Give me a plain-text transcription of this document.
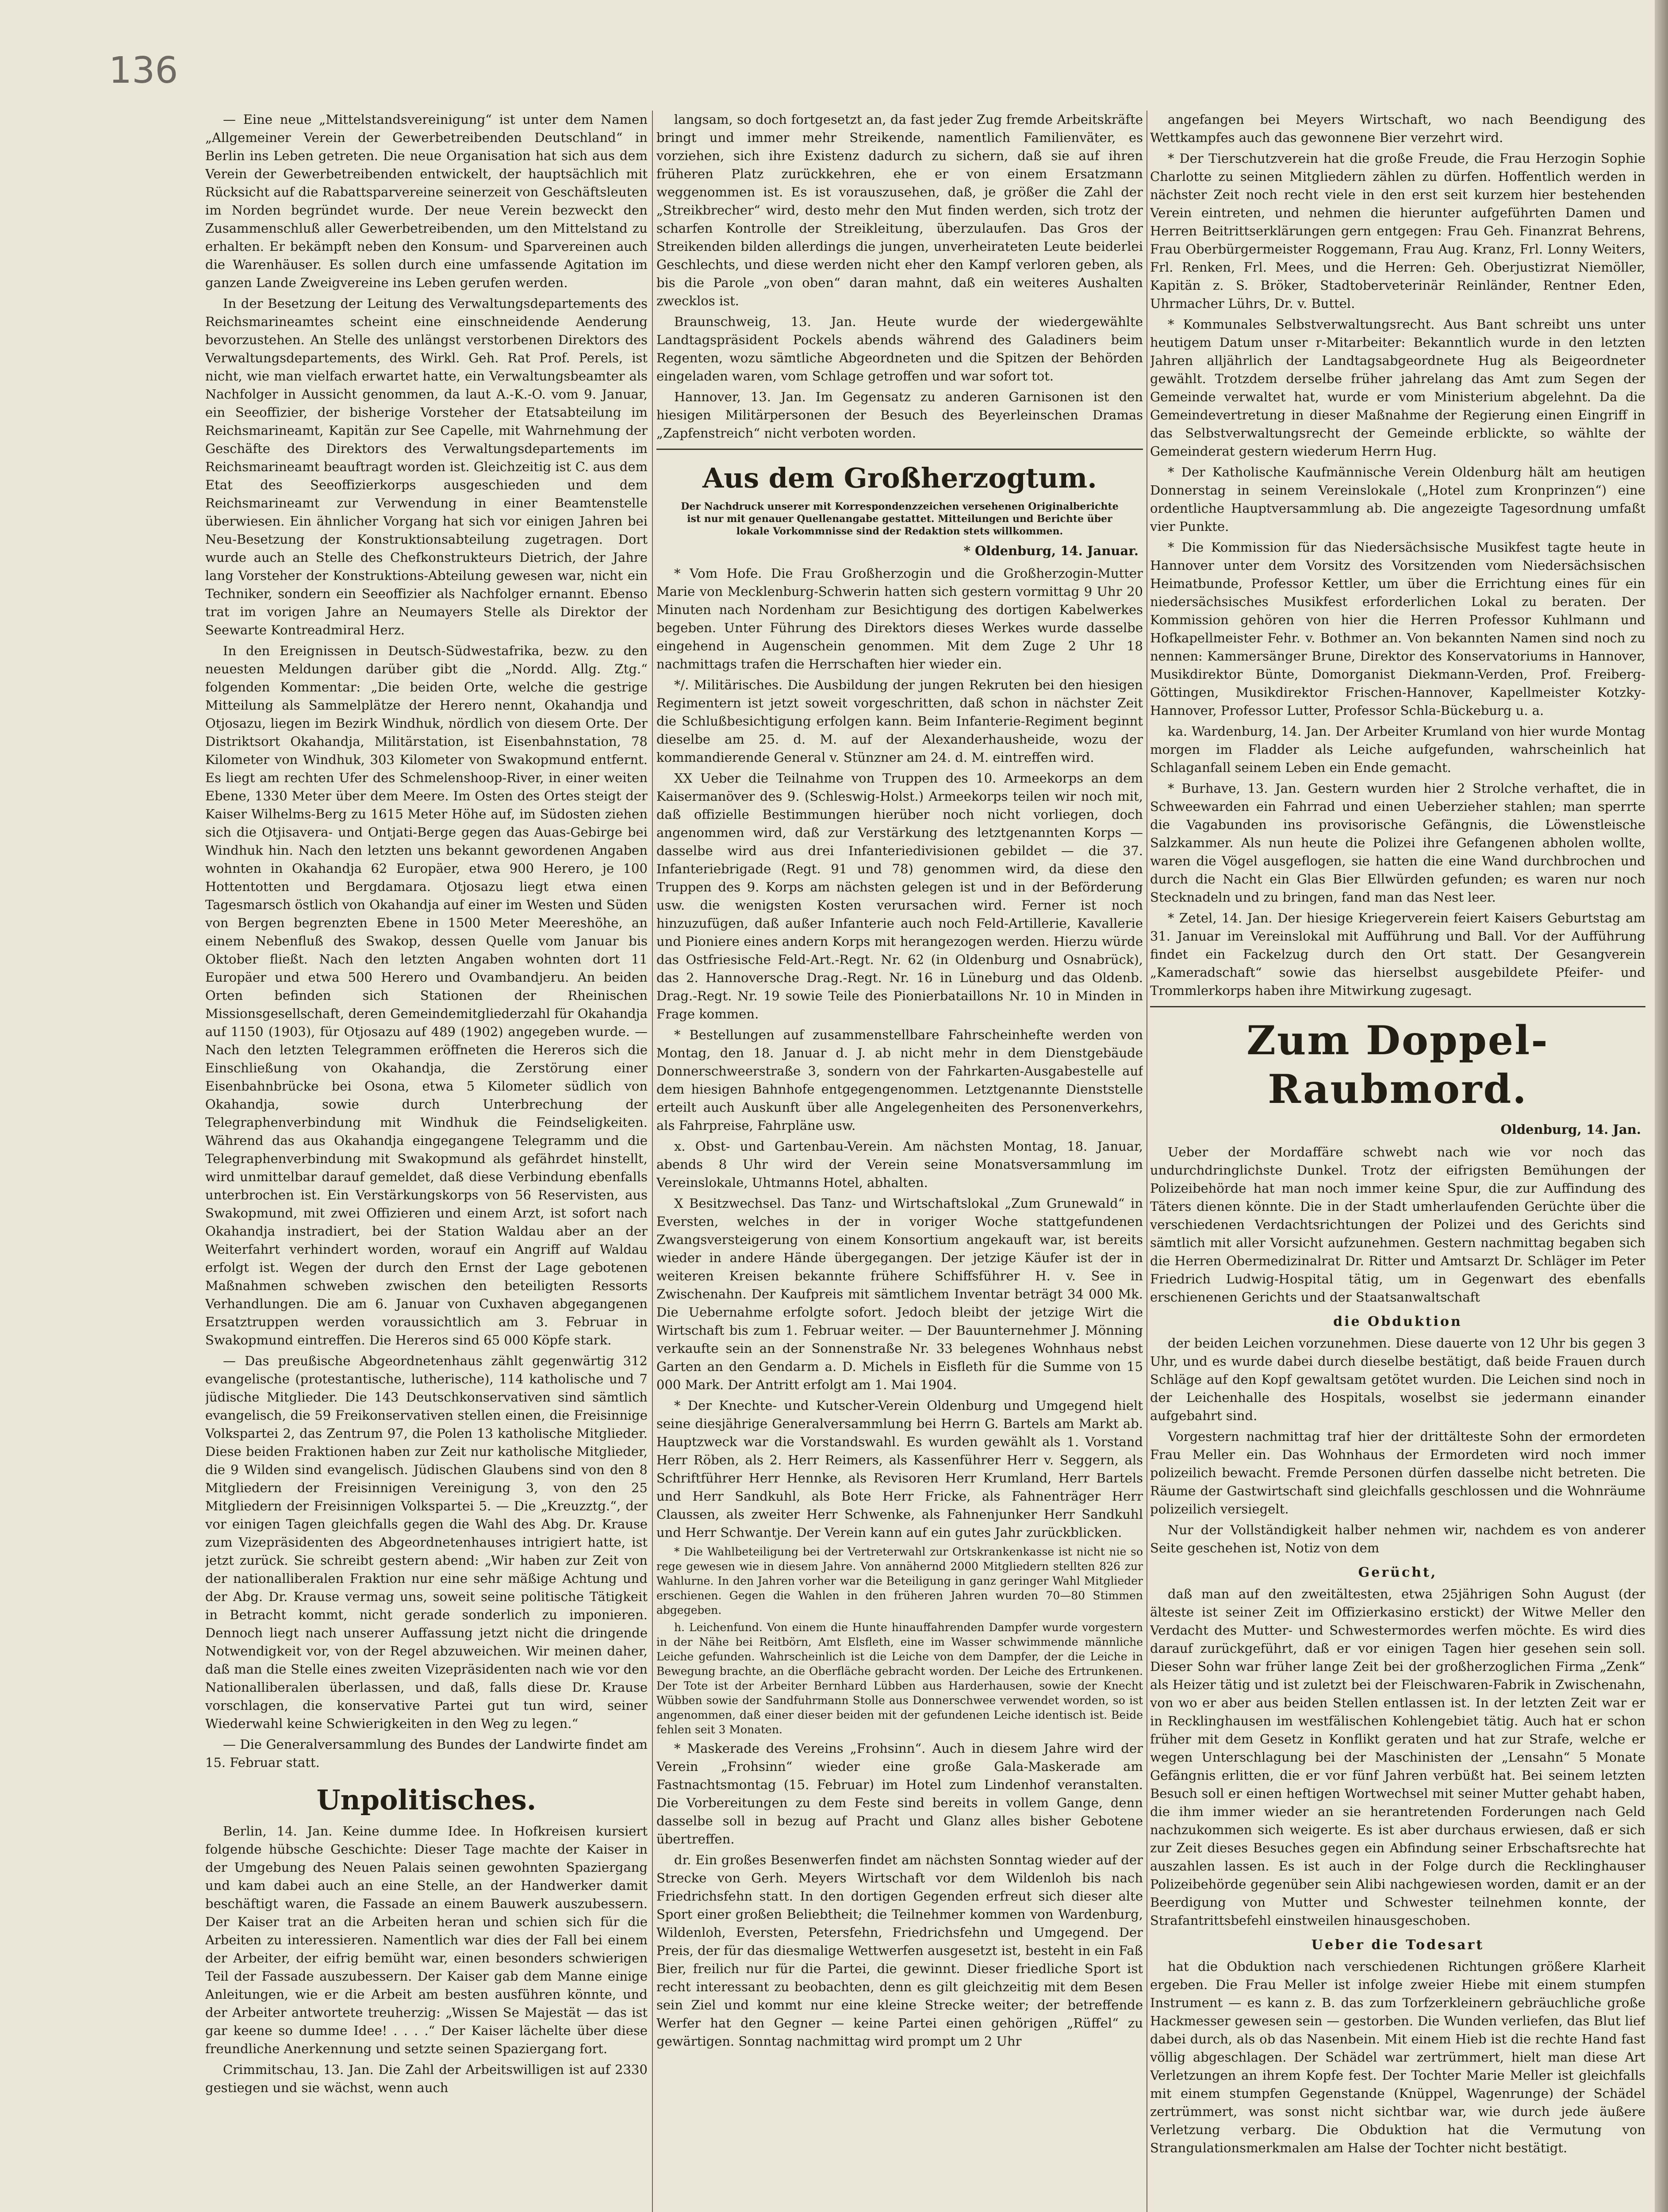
136

— Eine neue „Mittelstandsvereinigung“ ist unter dem Namen „Allgemeiner Verein der Gewerbetreibenden Deutschland“ in Berlin ins Leben getreten. Die neue Organisation hat sich aus dem Verein der Gewerbetreibenden entwickelt, der hauptsächlich mit Rücksicht auf die Rabattsparvereine seinerzeit von Geschäftsleuten im Norden begründet wurde. Der neue Verein bezweckt den Zusammenschluß aller Gewerbetreibenden, um den Mittelstand zu erhalten. Er bekämpft neben den Konsum- und Sparvereinen auch die Warenhäuser. Es sollen durch eine umfassende Agitation im ganzen Lande Zweigvereine ins Leben gerufen werden.

In der Besetzung der Leitung des Verwaltungsdepartements des Reichsmarineamtes scheint eine einschneidende Aenderung bevorzustehen. An Stelle des unlängst verstorbenen Direktors des Verwaltungsdepartements, des Wirkl. Geh. Rat Prof. Perels, ist nicht, wie man vielfach erwartet hatte, ein Verwaltungsbeamter als Nachfolger in Aussicht genommen, da laut A.-K.-O. vom 9. Januar, ein Seeoffizier, der bisherige Vorsteher der Etatsabteilung im Reichsmarineamt, Kapitän zur See Capelle, mit Wahrnehmung der Geschäfte des Direktors des Verwaltungsdepartements im Reichsmarineamt beauftragt worden ist. Gleichzeitig ist C. aus dem Etat des Seeoffizierkorps ausgeschieden und dem Reichsmarineamt zur Verwendung in einer Beamtenstelle überwiesen. Ein ähnlicher Vorgang hat sich vor einigen Jahren bei Neu-Besetzung der Konstruktionsabteilung zugetragen. Dort wurde auch an Stelle des Chefkonstrukteurs Dietrich, der Jahre lang Vorsteher der Konstruktions-Abteilung gewesen war, nicht ein Techniker, sondern ein Seeoffizier als Nachfolger ernannt. Ebenso trat im vorigen Jahre an Neumayers Stelle als Direktor der Seewarte Kontreadmiral Herz.

In den Ereignissen in Deutsch-Südwestafrika, bezw. zu den neuesten Meldungen darüber gibt die „Nordd. Allg. Ztg.“ folgenden Kommentar: „Die beiden Orte, welche die gestrige Mitteilung als Sammelplätze der Herero nennt, Okahandja und Otjosazu, liegen im Bezirk Windhuk, nördlich von diesem Orte. Der Distriktsort Okahandja, Militärstation, ist Eisenbahnstation, 78 Kilometer von Windhuk, 303 Kilometer von Swakopmund entfernt. Es liegt am rechten Ufer des Schmelenshoop-River, in einer weiten Ebene, 1330 Meter über dem Meere. Im Osten des Ortes steigt der Kaiser Wilhelms-Berg zu 1615 Meter Höhe auf, im Südosten ziehen sich die Otjisavera- und Ontjati-Berge gegen das Auas-Gebirge bei Windhuk hin. Nach den letzten uns bekannt gewordenen Angaben wohnten in Okahandja 62 Europäer, etwa 900 Herero, je 100 Hottentotten und Bergdamara. Otjosazu liegt etwa einen Tagesmarsch östlich von Okahandja auf einer im Westen und Süden von Bergen begrenzten Ebene in 1500 Meter Meereshöhe, an einem Nebenfluß des Swakop, dessen Quelle vom Januar bis Oktober fließt. Nach den letzten Angaben wohnten dort 11 Europäer und etwa 500 Herero und Ovambandjeru. An beiden Orten befinden sich Stationen der Rheinischen Missionsgesellschaft, deren Gemeindemitgliederzahl für Okahandja auf 1150 (1903), für Otjosazu auf 489 (1902) angegeben wurde. — Nach den letzten Telegrammen eröffneten die Hereros sich die Einschließung von Okahandja, die Zerstörung einer Eisenbahnbrücke bei Osona, etwa 5 Kilometer südlich von Okahandja, sowie durch Unterbrechung der Telegraphenverbindung mit Windhuk die Feindseligkeiten. Während das aus Okahandja eingegangene Telegramm und die Telegraphenverbindung mit Swakopmund als gefährdet hinstellt, wird unmittelbar darauf gemeldet, daß diese Verbindung ebenfalls unterbrochen ist. Ein Verstärkungskorps von 56 Reservisten, aus Swakopmund, mit zwei Offizieren und einem Arzt, ist sofort nach Okahandja instradiert, bei der Station Waldau aber an der Weiterfahrt verhindert worden, worauf ein Angriff auf Waldau erfolgt ist. Wegen der durch den Ernst der Lage gebotenen Maßnahmen schweben zwischen den beteiligten Ressorts Verhandlungen. Die am 6. Januar von Cuxhaven abgegangenen Ersatztruppen werden voraussichtlich am 3. Februar in Swakopmund eintreffen. Die Hereros sind 65 000 Köpfe stark.

— Das preußische Abgeordnetenhaus zählt gegenwärtig 312 evangelische (protestantische, lutherische), 114 katholische und 7 jüdische Mitglieder. Die 143 Deutschkonservativen sind sämtlich evangelisch, die 59 Freikonservativen stellen einen, die Freisinnige Volkspartei 2, das Zentrum 97, die Polen 13 katholische Mitglieder. Diese beiden Fraktionen haben zur Zeit nur katholische Mitglieder, die 9 Wilden sind evangelisch. Jüdischen Glaubens sind von den 8 Mitgliedern der Freisinnigen Vereinigung 3, von den 25 Mitgliedern der Freisinnigen Volkspartei 5. — Die „Kreuzztg.“, der vor einigen Tagen gleichfalls gegen die Wahl des Abg. Dr. Krause zum Vizepräsidenten des Abgeordnetenhauses intrigiert hatte, ist jetzt zurück. Sie schreibt gestern abend: „Wir haben zur Zeit von der nationalliberalen Fraktion nur eine sehr mäßige Achtung und der Abg. Dr. Krause vermag uns, soweit seine politische Tätigkeit in Betracht kommt, nicht gerade sonderlich zu imponieren. Dennoch liegt nach unserer Auffassung jetzt nicht die dringende Notwendigkeit vor, von der Regel abzuweichen. Wir meinen daher, daß man die Stelle eines zweiten Vizepräsidenten nach wie vor den Nationalliberalen überlassen, und daß, falls diese Dr. Krause vorschlagen, die konservative Partei gut tun wird, seiner Wiederwahl keine Schwierigkeiten in den Weg zu legen.“

— Die Generalversammlung des Bundes der Landwirte findet am 15. Februar statt.

Unpolitisches.

Berlin, 14. Jan. Keine dumme Idee. In Hofkreisen kursiert folgende hübsche Geschichte: Dieser Tage machte der Kaiser in der Umgebung des Neuen Palais seinen gewohnten Spaziergang und kam dabei auch an eine Stelle, an der Handwerker damit beschäftigt waren, die Fassade an einem Bauwerk auszubessern. Der Kaiser trat an die Arbeiten heran und schien sich für die Arbeiten zu interessieren. Namentlich war dies der Fall bei einem der Arbeiter, der eifrig bemüht war, einen besonders schwierigen Teil der Fassade auszubessern. Der Kaiser gab dem Manne einige Anleitungen, wie er die Arbeit am besten ausführen könnte, und der Arbeiter antwortete treuherzig: „Wissen Se Majestät — das ist gar keene so dumme Idee! . . . .“ Der Kaiser lächelte über diese freundliche Anerkennung und setzte seinen Spaziergang fort.

Crimmitschau, 13. Jan. Die Zahl der Arbeitswilligen ist auf 2330 gestiegen und sie wächst, wenn auch

langsam, so doch fortgesetzt an, da fast jeder Zug fremde Arbeitskräfte bringt und immer mehr Streikende, namentlich Familienväter, es vorziehen, sich ihre Existenz dadurch zu sichern, daß sie auf ihren früheren Platz zurückkehren, ehe er von einem Ersatzmann weggenommen ist. Es ist vorauszusehen, daß, je größer die Zahl der „Streikbrecher“ wird, desto mehr den Mut finden werden, sich trotz der scharfen Kontrolle der Streikleitung, überzulaufen. Das Gros der Streikenden bilden allerdings die jungen, unverheirateten Leute beiderlei Geschlechts, und diese werden nicht eher den Kampf verloren geben, als bis die Parole „von oben“ daran mahnt, daß ein weiteres Aushalten zwecklos ist.

Braunschweig, 13. Jan. Heute wurde der wiedergewählte Landtagspräsident Pockels abends während des Galadiners beim Regenten, wozu sämtliche Abgeordneten und die Spitzen der Behörden eingeladen waren, vom Schlage getroffen und war sofort tot.

Hannover, 13. Jan. Im Gegensatz zu anderen Garnisonen ist den hiesigen Militärpersonen der Besuch des Beyerleinschen Dramas „Zapfenstreich“ nicht verboten worden.

Aus dem Großherzogtum.
Der Nachdruck unserer mit Korrespondenzzeichen versehenen Originalberichte ist nur mit genauer Quellenangabe gestattet. Mitteilungen und Berichte über lokale Vorkommnisse sind der Redaktion stets willkommen.
* Oldenburg, 14. Januar.

* Vom Hofe. Die Frau Großherzogin und die Großherzogin-Mutter Marie von Mecklenburg-Schwerin hatten sich gestern vormittag 9 Uhr 20 Minuten nach Nordenham zur Besichtigung des dortigen Kabelwerkes begeben. Unter Führung des Direktors dieses Werkes wurde dasselbe eingehend in Augenschein genommen. Mit dem Zuge 2 Uhr 18 nachmittags trafen die Herrschaften hier wieder ein.

*/. Militärisches. Die Ausbildung der jungen Rekruten bei den hiesigen Regimentern ist jetzt soweit vorgeschritten, daß schon in nächster Zeit die Schlußbesichtigung erfolgen kann. Beim Infanterie-Regiment beginnt dieselbe am 25. d. M. auf der Alexanderhausheide, wozu der kommandierende General v. Stünzner am 24. d. M. eintreffen wird.

XX Ueber die Teilnahme von Truppen des 10. Armeekorps an dem Kaisermanöver des 9. (Schleswig-Holst.) Armeekorps teilen wir noch mit, daß offizielle Bestimmungen hierüber noch nicht vorliegen, doch angenommen wird, daß zur Verstärkung des letztgenannten Korps — dasselbe wird aus drei Infanteriedivisionen gebildet — die 37. Infanteriebrigade (Regt. 91 und 78) genommen wird, da diese den Truppen des 9. Korps am nächsten gelegen ist und in der Beförderung usw. die wenigsten Kosten verursachen wird. Ferner ist noch hinzuzufügen, daß außer Infanterie auch noch Feld-Artillerie, Kavallerie und Pioniere eines andern Korps mit herangezogen werden. Hierzu würde das Ostfriesische Feld-Art.-Regt. Nr. 62 (in Oldenburg und Osnabrück), das 2. Hannoversche Drag.-Regt. Nr. 16 in Lüneburg und das Oldenb. Drag.-Regt. Nr. 19 sowie Teile des Pionierbataillons Nr. 10 in Minden in Frage kommen.

* Bestellungen auf zusammenstellbare Fahrscheinhefte werden von Montag, den 18. Januar d. J. ab nicht mehr in dem Dienstgebäude Donnerschweerstraße 3, sondern von der Fahrkarten-Ausgabestelle auf dem hiesigen Bahnhofe entgegengenommen. Letztgenannte Dienststelle erteilt auch Auskunft über alle Angelegenheiten des Personenverkehrs, als Fahrpreise, Fahrpläne usw.

x. Obst- und Gartenbau-Verein. Am nächsten Montag, 18. Januar, abends 8 Uhr wird der Verein seine Monatsversammlung im Vereinslokale, Uhtmanns Hotel, abhalten.

X Besitzwechsel. Das Tanz- und Wirtschaftslokal „Zum Grunewald“ in Eversten, welches in der in voriger Woche stattgefundenen Zwangsversteigerung von einem Konsortium angekauft war, ist bereits wieder in andere Hände übergegangen. Der jetzige Käufer ist der in weiteren Kreisen bekannte frühere Schiffsführer H. v. See in Zwischenahn. Der Kaufpreis mit sämtlichem Inventar beträgt 34 000 Mk. Die Uebernahme erfolgte sofort. Jedoch bleibt der jetzige Wirt die Wirtschaft bis zum 1. Februar weiter. — Der Bauunternehmer J. Mönning verkaufte sein an der Sonnenstraße Nr. 33 belegenes Wohnhaus nebst Garten an den Gendarm a. D. Michels in Eisfleth für die Summe von 15 000 Mark. Der Antritt erfolgt am 1. Mai 1904.

* Der Knechte- und Kutscher-Verein Oldenburg und Umgegend hielt seine diesjährige Generalversammlung bei Herrn G. Bartels am Markt ab. Hauptzweck war die Vorstandswahl. Es wurden gewählt als 1. Vorstand Herr Röben, als 2. Herr Reimers, als Kassenführer Herr v. Seggern, als Schriftführer Herr Hennke, als Revisoren Herr Krumland, Herr Bartels und Herr Sandkuhl, als Bote Herr Fricke, als Fahnenträger Herr Claussen, als zweiter Herr Schwenke, als Fahnenjunker Herr Sandkuhl und Herr Schwantje. Der Verein kann auf ein gutes Jahr zurückblicken.

* Die Wahlbeteiligung bei der Vertreterwahl zur Ortskrankenkasse ist nicht nie so rege gewesen wie in diesem Jahre. Von annähernd 2000 Mitgliedern stellten 826 zur Wahlurne. In den Jahren vorher war die Beteiligung in ganz geringer Wahl Mitglieder erschienen. Gegen die Wahlen in den früheren Jahren wurden 70—80 Stimmen abgegeben.

h. Leichenfund. Von einem die Hunte hinauffahrenden Dampfer wurde vorgestern in der Nähe bei Reitbörn, Amt Elsfleth, eine im Wasser schwimmende männliche Leiche gefunden. Wahrscheinlich ist die Leiche von dem Dampfer, der die Leiche in Bewegung brachte, an die Oberfläche gebracht worden. Der Leiche des Ertrunkenen. Der Tote ist der Arbeiter Bernhard Lübben aus Harderhausen, sowie der Knecht Wübben sowie der Sandfuhrmann Stolle aus Donnerschwee verwendet worden, so ist angenommen, daß einer dieser beiden mit der gefundenen Leiche identisch ist. Beide fehlen seit 3 Monaten.

* Maskerade des Vereins „Frohsinn“. Auch in diesem Jahre wird der Verein „Frohsinn“ wieder eine große Gala-Maskerade am Fastnachtsmontag (15. Februar) im Hotel zum Lindenhof veranstalten. Die Vorbereitungen zu dem Feste sind bereits in vollem Gange, denn dasselbe soll in bezug auf Pracht und Glanz alles bisher Gebotene übertreffen.

dr. Ein großes Besenwerfen findet am nächsten Sonntag wieder auf der Strecke von Gerh. Meyers Wirtschaft vor dem Wildenloh bis nach Friedrichsfehn statt. In den dortigen Gegenden erfreut sich dieser alte Sport einer großen Beliebtheit; die Teilnehmer kommen von Wardenburg, Wildenloh, Eversten, Petersfehn, Friedrichsfehn und Umgegend. Der Preis, der für das diesmalige Wettwerfen ausgesetzt ist, besteht in ein Faß Bier, freilich nur für die Partei, die gewinnt. Dieser friedliche Sport ist recht interessant zu beobachten, denn es gilt gleichzeitig mit dem Besen sein Ziel und kommt nur eine kleine Strecke weiter; der betreffende Werfer hat den Gegner — keine Partei einen gehörigen „Rüffel“ zu gewärtigen. Sonntag nachmittag wird prompt um 2 Uhr

angefangen bei Meyers Wirtschaft, wo nach Beendigung des Wettkampfes auch das gewonnene Bier verzehrt wird.

* Der Tierschutzverein hat die große Freude, die Frau Herzogin Sophie Charlotte zu seinen Mitgliedern zählen zu dürfen. Hoffentlich werden in nächster Zeit noch recht viele in den erst seit kurzem hier bestehenden Verein eintreten, und nehmen die hierunter aufgeführten Damen und Herren Beitrittserklärungen gern entgegen: Frau Geh. Finanzrat Behrens, Frau Oberbürgermeister Roggemann, Frau Aug. Kranz, Frl. Lonny Weiters, Frl. Renken, Frl. Mees, und die Herren: Geh. Oberjustizrat Niemöller, Kapitän z. S. Bröker, Stadtoberveterinär Reinländer, Rentner Eden, Uhrmacher Lührs, Dr. v. Buttel.

* Kommunales Selbstverwaltungsrecht. Aus Bant schreibt uns unter heutigem Datum unser r-Mitarbeiter: Bekanntlich wurde in den letzten Jahren alljährlich der Landtagsabgeordnete Hug als Beigeordneter gewählt. Trotzdem derselbe früher jahrelang das Amt zum Segen der Gemeinde verwaltet hat, wurde er vom Ministerium abgelehnt. Da die Gemeindevertretung in dieser Maßnahme der Regierung einen Eingriff in das Selbstverwaltungsrecht der Gemeinde erblickte, so wählte der Gemeinderat gestern wiederum Herrn Hug.

* Der Katholische Kaufmännische Verein Oldenburg hält am heutigen Donnerstag in seinem Vereinslokale („Hotel zum Kronprinzen“) eine ordentliche Hauptversammlung ab. Die angezeigte Tagesordnung umfaßt vier Punkte.

* Die Kommission für das Niedersächsische Musikfest tagte heute in Hannover unter dem Vorsitz des Vorsitzenden vom Niedersächsischen Heimatbunde, Professor Kettler, um über die Errichtung eines für ein niedersächsisches Musikfest erforderlichen Lokal zu beraten. Der Kommission gehören von hier die Herren Professor Kuhlmann und Hofkapellmeister Fehr. v. Bothmer an. Von bekannten Namen sind noch zu nennen: Kammersänger Brune, Direktor des Konservatoriums in Hannover, Musikdirektor Bünte, Domorganist Diekmann-Verden, Prof. Freiberg-Göttingen, Musikdirektor Frischen-Hannover, Kapellmeister Kotzky-Hannover, Professor Lutter, Professor Schla-Bückeburg u. a.

ka. Wardenburg, 14. Jan. Der Arbeiter Krumland von hier wurde Montag morgen im Fladder als Leiche aufgefunden, wahrscheinlich hat Schlaganfall seinem Leben ein Ende gemacht.

* Burhave, 13. Jan. Gestern wurden hier 2 Strolche verhaftet, die in Schweewarden ein Fahrrad und einen Ueberzieher stahlen; man sperrte die Vagabunden ins provisorische Gefängnis, die Löwenstleische Salzkammer. Als nun heute die Polizei ihre Gefangenen abholen wollte, waren die Vögel ausgeflogen, sie hatten die eine Wand durchbrochen und durch die Nacht ein Glas Bier Ellwürden gefunden; es waren nur noch Stecknadeln und zu bringen, fand man das Nest leer.

* Zetel, 14. Jan. Der hiesige Kriegerverein feiert Kaisers Geburtstag am 31. Januar im Vereinslokal mit Aufführung und Ball. Vor der Aufführung findet ein Fackelzug durch den Ort statt. Der Gesangverein „Kameradschaft“ sowie das hierselbst ausgebildete Pfeifer- und Trommlerkorps haben ihre Mitwirkung zugesagt.

Zum Doppel-Raubmord.
Oldenburg, 14. Jan.

Ueber der Mordaffäre schwebt nach wie vor noch das undurchdringlichste Dunkel. Trotz der eifrigsten Bemühungen der Polizeibehörde hat man noch immer keine Spur, die zur Auffindung des Täters dienen könnte. Die in der Stadt umherlaufenden Gerüchte über die verschiedenen Verdachtsrichtungen der Polizei und des Gerichts sind sämtlich mit aller Vorsicht aufzunehmen. Gestern nachmittag begaben sich die Herren Obermedizinalrat Dr. Ritter und Amtsarzt Dr. Schläger im Peter Friedrich Ludwig-Hospital tätig, um in Gegenwart des ebenfalls erschienenen Gerichts und der Staatsanwaltschaft

die Obduktion

der beiden Leichen vorzunehmen. Diese dauerte von 12 Uhr bis gegen 3 Uhr, und es wurde dabei durch dieselbe bestätigt, daß beide Frauen durch Schläge auf den Kopf gewaltsam getötet wurden. Die Leichen sind noch in der Leichenhalle des Hospitals, woselbst sie jedermann einander aufgebahrt sind.

Vorgestern nachmittag traf hier der drittälteste Sohn der ermordeten Frau Meller ein. Das Wohnhaus der Ermordeten wird noch immer polizeilich bewacht. Fremde Personen dürfen dasselbe nicht betreten. Die Räume der Gastwirtschaft sind gleichfalls geschlossen und die Wohnräume polizeilich versiegelt.

Nur der Vollständigkeit halber nehmen wir, nachdem es von anderer Seite geschehen ist, Notiz von dem

Gerücht,

daß man auf den zweitältesten, etwa 25jährigen Sohn August (der älteste ist seiner Zeit im Offizierkasino erstickt) der Witwe Meller den Verdacht des Mutter- und Schwestermordes werfen möchte. Es wird dies darauf zurückgeführt, daß er vor einigen Tagen hier gesehen sein soll. Dieser Sohn war früher lange Zeit bei der großherzoglichen Firma „Zenk“ als Heizer tätig und ist zuletzt bei der Fleischwaren-Fabrik in Zwischenahn, von wo er aber aus beiden Stellen entlassen ist. In der letzten Zeit war er in Recklinghausen im westfälischen Kohlengebiet tätig. Auch hat er schon früher mit dem Gesetz in Konflikt geraten und hat zur Strafe, welche er wegen Unterschlagung bei der Maschinisten der „Lensahn“ 5 Monate Gefängnis erlitten, die er vor fünf Jahren verbüßt hat. Bei seinem letzten Besuch soll er einen heftigen Wortwechsel mit seiner Mutter gehabt haben, die ihm immer wieder an sie herantretenden Forderungen nach Geld nachzukommen sich weigerte. Es ist aber durchaus erwiesen, daß er sich zur Zeit dieses Besuches gegen ein Abfindung seiner Erbschaftsrechte hat auszahlen lassen. Es ist auch in der Folge durch die Recklinghauser Polizeibehörde gegenüber sein Alibi nachgewiesen worden, damit er an der Beerdigung von Mutter und Schwester teilnehmen konnte, der Strafantrittsbefehl einstweilen hinausgeschoben.

Ueber die Todesart

hat die Obduktion nach verschiedenen Richtungen größere Klarheit ergeben. Die Frau Meller ist infolge zweier Hiebe mit einem stumpfen Instrument — es kann z. B. das zum Torfzerkleinern gebräuchliche große Hackmesser gewesen sein — gestorben. Die Wunden verliefen, das Blut lief dabei durch, als ob das Nasenbein. Mit einem Hieb ist die rechte Hand fast völlig abgeschlagen. Der Schädel war zertrümmert, hielt man diese Art Verletzungen an ihrem Kopfe fest. Der Tochter Marie Meller ist gleichfalls mit einem stumpfen Gegenstande (Knüppel, Wagenrunge) der Schädel zertrümmert, was sonst nicht sichtbar war, wie durch jede äußere Verletzung verbarg. Die Obduktion hat die Vermutung von Strangulationsmerkmalen am Halse der Tochter nicht bestätigt.
